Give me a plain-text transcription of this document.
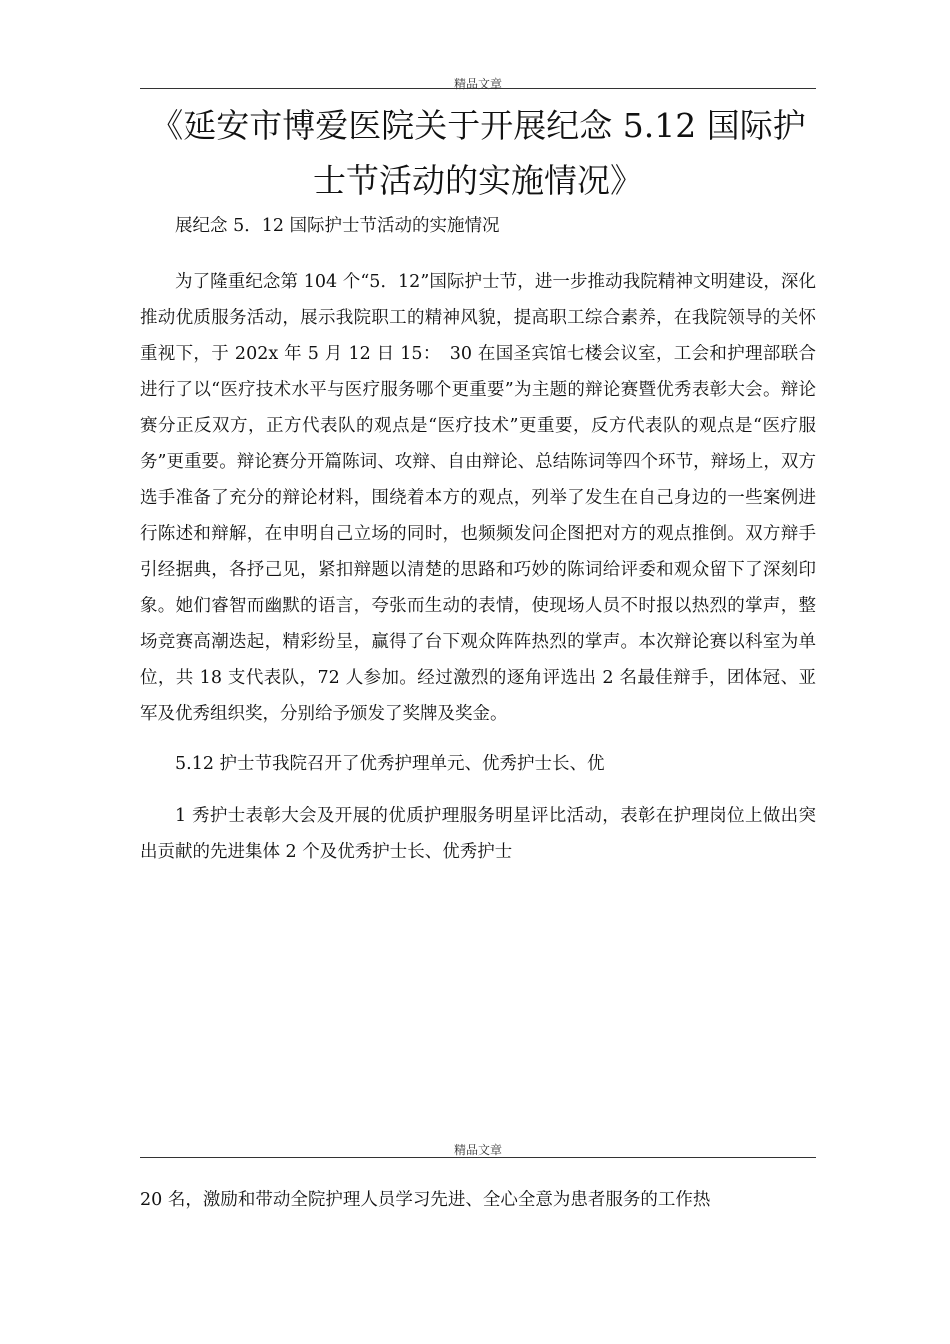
精品文章
《延安市博爱医院关于开展纪念 5.12 国际护士节活动的实施情况》

展纪念 5．12 国际护士节活动的实施情况

为了隆重纪念第 104 个“5．12”国际护士节，进一步推动我院精神文明建设，深化推动优质服务活动，展示我院职工的精神风貌，提高职工综合素养，在我院领导的关怀重视下，于 202x 年 5 月 12 日 15：　30 在国圣宾馆七楼会议室，工会和护理部联合进行了以“医疗技术水平与医疗服务哪个更重要”为主题的辩论赛暨优秀表彰大会。辩论赛分正反双方，正方代表队的观点是“医疗技术”更重要，反方代表队的观点是“医疗服务”更重要。辩论赛分开篇陈词、攻辩、自由辩论、总结陈词等四个环节，辩场上，双方选手准备了充分的辩论材料，围绕着本方的观点，列举了发生在自己身边的一些案例进行陈述和辩解，在申明自己立场的同时，也频频发问企图把对方的观点推倒。双方辩手引经据典，各抒己见，紧扣辩题以清楚的思路和巧妙的陈词给评委和观众留下了深刻印象。她们睿智而幽默的语言，夸张而生动的表情，使现场人员不时报以热烈的掌声，整场竞赛高潮迭起，精彩纷呈，赢得了台下观众阵阵热烈的掌声。本次辩论赛以科室为单位，共 18 支代表队，72 人参加。经过激烈的逐角评选出 2 名最佳辩手，团体冠、亚军及优秀组织奖，分别给予颁发了奖牌及奖金。

5.12 护士节我院召开了优秀护理单元、优秀护士长、优

1 秀护士表彰大会及开展的优质护理服务明星评比活动，表彰在护理岗位上做出突出贡献的先进集体 2 个及优秀护士长、优秀护士

精品文章

20 名，激励和带动全院护理人员学习先进、全心全意为患者服务的工作热
